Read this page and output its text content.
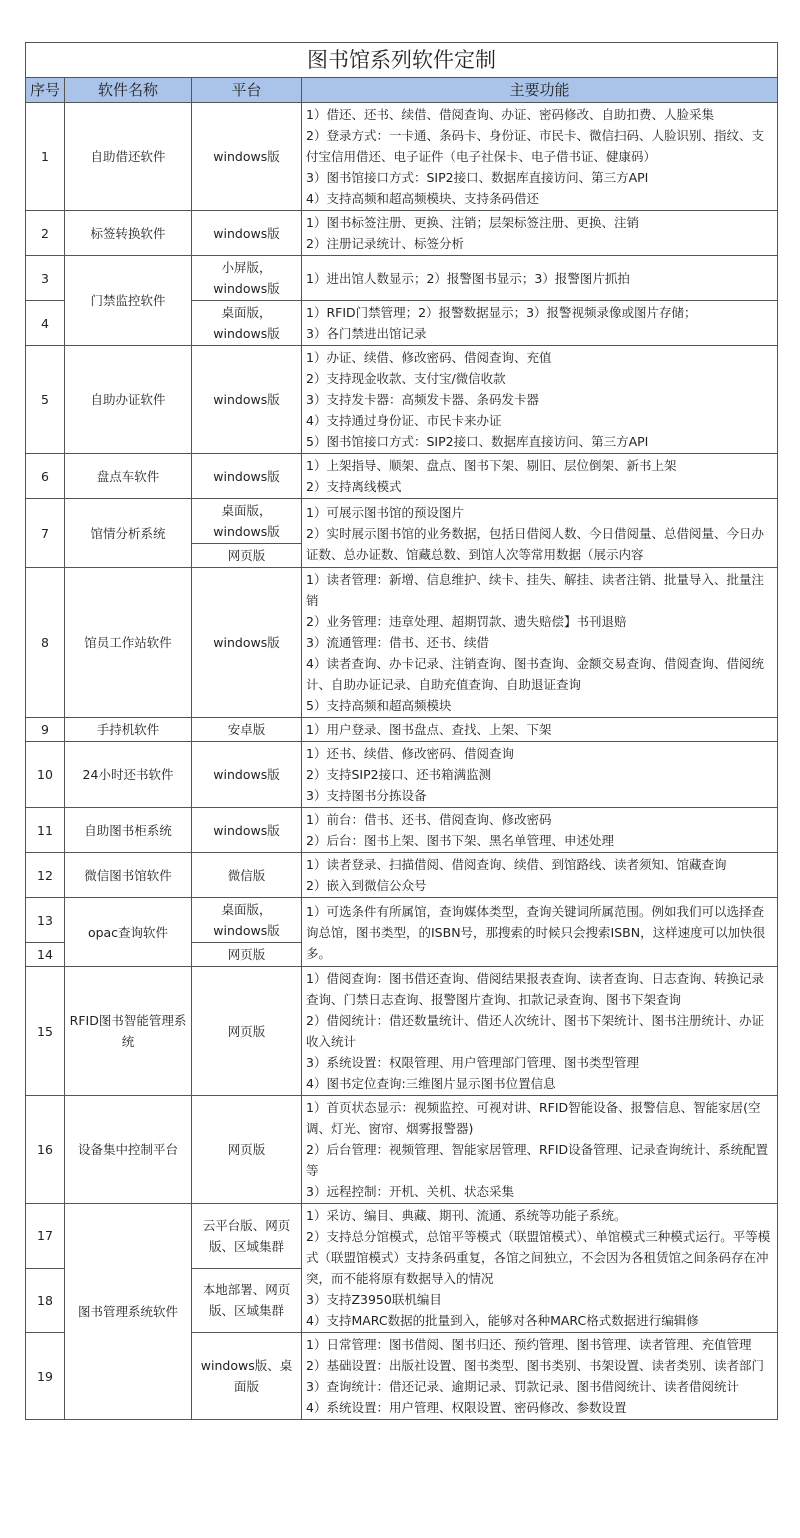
图书馆系列软件定制			
序号	软件名称	平台	主要功能
1	自助借还软件	windows版	1）借还、还书、续借、借阅查询、办证、密码修改、自助扣费、人脸采集
2）登录方式：一卡通、条码卡、身份证、市民卡、微信扫码、人脸识别、指纹、支付宝信用借还、电子证件（电子社保卡、电子借书证、健康码）
3）图书馆接口方式：SIP2接口、数据库直接访问、第三方API
4）支持高频和超高频模块、支持条码借还

2	标签转换软件	windows版	1）图书标签注册、更换、注销；层架标签注册、更换、注销
2）注册记录统计、标签分析

3	门禁监控软件	小屏版，windows版	1）进出馆人数显示；2）报警图书显示；3）报警图片抓拍

4		桌面版，windows版	1）RFID门禁管理；2）报警数据显示；3）报警视频录像或图片存储；
3）各门禁进出馆记录

5	自助办证软件	windows版	1）办证、续借、修改密码、借阅查询、充值
2）支持现金收款、支付宝/微信收款
3）支持发卡器：高频发卡器、条码发卡器
4）支持通过身份证、市民卡来办证
5）图书馆接口方式：SIP2接口、数据库直接访问、第三方API

6	盘点车软件	windows版	1）上架指导、顺架、盘点、图书下架、剔旧、层位倒架、新书上架
2）支持离线模式

7	馆情分析系统	桌面版，windows版	1）可展示图书馆的预设图片
2）实时展示图书馆的业务数据，包括日借阅人数、今日借阅量、总借阅量、今日办证数、总办证数、馆藏总数、到馆人次等常用数据（展示内容

		网页版	
8	馆员工作站软件	windows版	1）读者管理：新增、信息维护、续卡、挂失、解挂、读者注销、批量导入、批量注销
2）业务管理：违章处理、超期罚款、遗失赔偿】书刊退赔
3）流通管理：借书、还书、续借
4）读者查询、办卡记录、注销查询、图书查询、金额交易查询、借阅查询、借阅统计、自助办证记录、自助充值查询、自助退证查询
5）支持高频和超高频模块

9	手持机软件	安卓版	1）用户登录、图书盘点、查找、上架、下架

10	24小时还书软件	windows版	1）还书、续借、修改密码、借阅查询
2）支持SIP2接口、还书箱满监测
3）支持图书分拣设备

11	自助图书柜系统	windows版	1）前台：借书、还书、借阅查询、修改密码
2）后台：图书上架、图书下架、黑名单管理、申述处理

12	微信图书馆软件	微信版	1）读者登录、扫描借阅、借阅查询、续借、到馆路线、读者须知、馆藏查询
2）嵌入到微信公众号

13	opac查询软件	桌面版，windows版	1）可选条件有所属馆，查询媒体类型，查询关键词所属范围。例如我们可以选择查询总馆，图书类型，的ISBN号，那搜索的时候只会搜索ISBN，这样速度可以加快很多。

14		网页版	
15	RFID图书智能管理系统	网页版	1）借阅查询：图书借还查询、借阅结果报表查询、读者查询、日志查询、转换记录查询、门禁日志查询、报警图片查询、扣款记录查询、图书下架查询
2）借阅统计：借还数量统计、借还人次统计、图书下架统计、图书注册统计、办证收入统计
3）系统设置：权限管理、用户管理部门管理、图书类型管理
4）图书定位查询:三维图片显示图书位置信息

16	设备集中控制平台	网页版	1）首页状态显示：视频监控、可视对讲、RFID智能设备、报警信息、智能家居(空调、灯光、窗帘、烟雾报警器)
2）后台管理：视频管理、智能家居管理、RFID设备管理、记录查询统计、系统配置等
3）远程控制：开机、关机、状态采集

17	图书管理系统软件	云平台版、网页版、区域集群	1）采访、编目、典藏、期刊、流通、系统等功能子系统。
2）支持总分馆模式，总馆平等模式（联盟馆模式）、单馆模式三种模式运行。平等模式（联盟馆模式）支持条码重复，各馆之间独立，不会因为各租赁馆之间条码存在冲突，而不能将原有数据导入的情况
3）支持Z3950联机编目
4）支持MARC数据的批量到入，能够对各种MARC格式数据进行编辑修

18		本地部署、网页版、区域集群	
19		windows版、桌面版	1）日常管理：图书借阅、图书归还、预约管理、图书管理、读者管理、充值管理
2）基础设置：出版社设置、图书类型、图书类别、书架设置、读者类别、读者部门
3）查询统计：借还记录、逾期记录、罚款记录、图书借阅统计、读者借阅统计
4）系统设置：用户管理、权限设置、密码修改、参数设置
